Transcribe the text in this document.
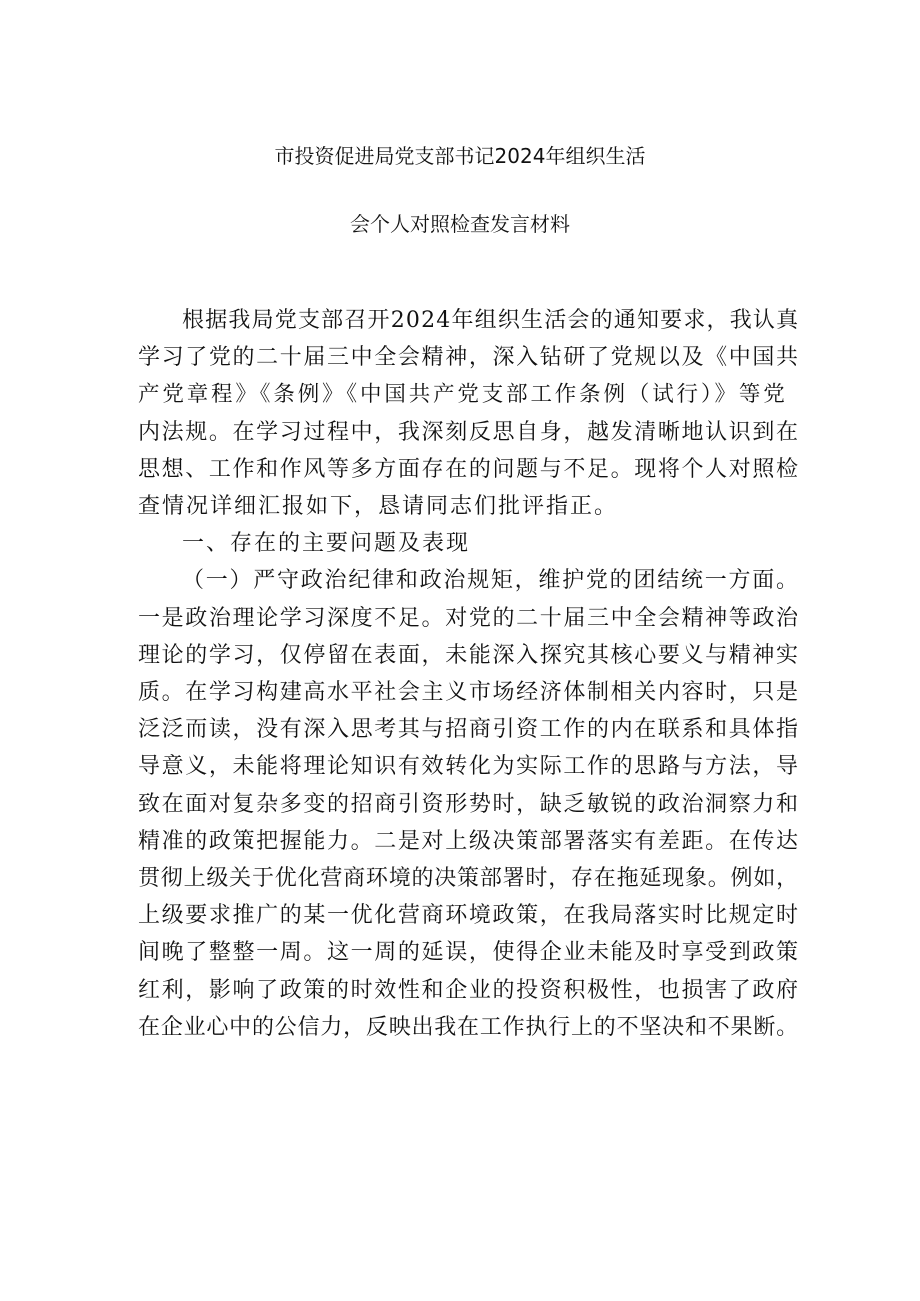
市投资促进局党支部书记2024年组织生活
会个人对照检查发言材料
根据我局党支部召开2024年组织生活会的通知要求，我认真
学习了党的二十届三中全会精神，深入钻研了党规以及《中国共
产党章程》《条例》《中国共产党支部工作条例（试行）》等党
内法规。在学习过程中，我深刻反思自身，越发清晰地认识到在
思想、工作和作风等多方面存在的问题与不足。现将个人对照检
查情况详细汇报如下，恳请同志们批评指正。
一、存在的主要问题及表现
（一）严守政治纪律和政治规矩，维护党的团结统一方面。
一是政治理论学习深度不足。对党的二十届三中全会精神等政治
理论的学习，仅停留在表面，未能深入探究其核心要义与精神实
质。在学习构建高水平社会主义市场经济体制相关内容时，只是
泛泛而读，没有深入思考其与招商引资工作的内在联系和具体指
导意义，未能将理论知识有效转化为实际工作的思路与方法，导
致在面对复杂多变的招商引资形势时，缺乏敏锐的政治洞察力和
精准的政策把握能力。二是对上级决策部署落实有差距。在传达
贯彻上级关于优化营商环境的决策部署时，存在拖延现象。例如，
上级要求推广的某一优化营商环境政策，在我局落实时比规定时
间晚了整整一周。这一周的延误，使得企业未能及时享受到政策
红利，影响了政策的时效性和企业的投资积极性，也损害了政府
在企业心中的公信力，反映出我在工作执行上的不坚决和不果断。
